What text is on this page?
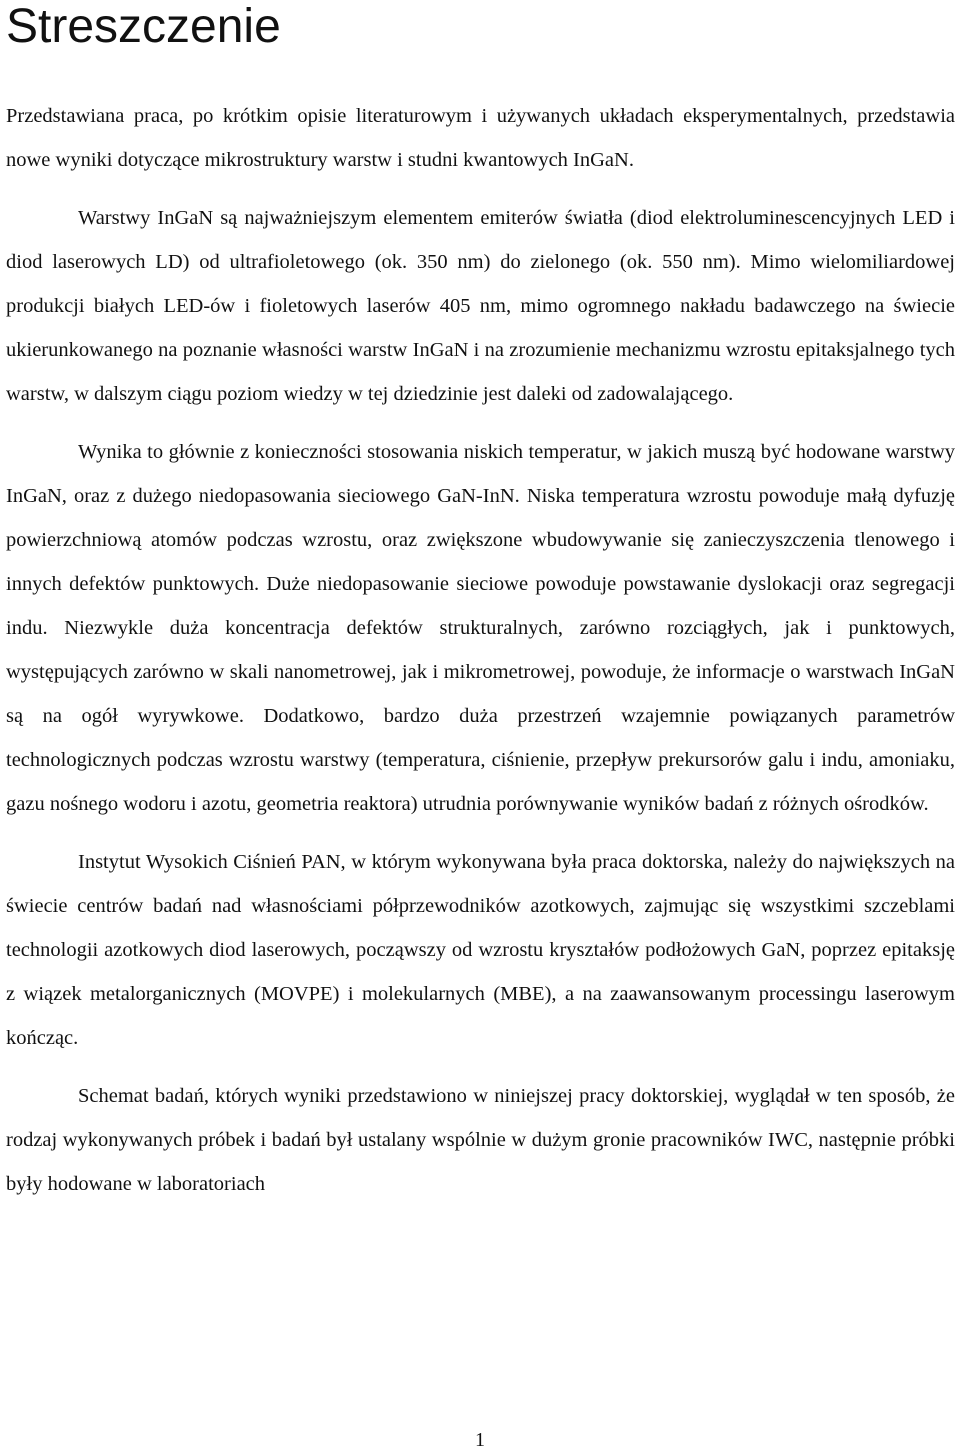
Streszczenie

Przedstawiana praca, po krótkim opisie literaturowym i używanych układach eksperymentalnych, przedstawia nowe wyniki dotyczące mikrostruktury warstw i studni kwantowych InGaN.

Warstwy InGaN są najważniejszym elementem emiterów światła (diod elektroluminescencyjnych LED i diod laserowych LD) od ultrafioletowego (ok. 350 nm) do zielonego (ok. 550 nm). Mimo wielomiliardowej produkcji białych LED-ów i fioletowych laserów 405 nm, mimo ogromnego nakładu badawczego na świecie ukierunkowanego na poznanie własności warstw InGaN i na zrozumienie mechanizmu wzrostu epitaksjalnego tych warstw, w dalszym ciągu poziom wiedzy w tej dziedzinie jest daleki od zadowalającego.

Wynika to głównie z konieczności stosowania niskich temperatur, w jakich muszą być hodowane warstwy InGaN, oraz z dużego niedopasowania sieciowego GaN-InN. Niska temperatura wzrostu powoduje małą dyfuzję powierzchniową atomów podczas wzrostu, oraz zwiększone wbudowywanie się zanieczyszczenia tlenowego i innych defektów punktowych. Duże niedopasowanie sieciowe powoduje powstawanie dyslokacji oraz segregacji indu. Niezwykle duża koncentracja defektów strukturalnych, zarówno rozciągłych, jak i punktowych, występujących zarówno w skali nanometrowej, jak i mikrometrowej, powoduje, że informacje o warstwach InGaN są na ogół wyrywkowe. Dodatkowo, bardzo duża przestrzeń wzajemnie powiązanych parametrów technologicznych podczas wzrostu warstwy (temperatura, ciśnienie, przepływ prekursorów galu i indu, amoniaku, gazu nośnego wodoru i azotu, geometria reaktora) utrudnia porównywanie wyników badań z różnych ośrodków.

Instytut Wysokich Ciśnień PAN, w którym wykonywana była praca doktorska, należy do największych na świecie centrów badań nad własnościami półprzewodników azotkowych, zajmując się wszystkimi szczeblami technologii azotkowych diod laserowych, począwszy od wzrostu kryształów podłożowych GaN, poprzez epitaksję z wiązek metalorganicznych (MOVPE) i molekularnych (MBE), a na zaawansowanym processingu laserowym kończąc.

Schemat badań, których wyniki przedstawiono w niniejszej pracy doktorskiej, wyglądał w ten sposób, że rodzaj wykonywanych próbek i badań był ustalany wspólnie w dużym gronie pracowników IWC, następnie próbki były hodowane w laboratoriach

1
